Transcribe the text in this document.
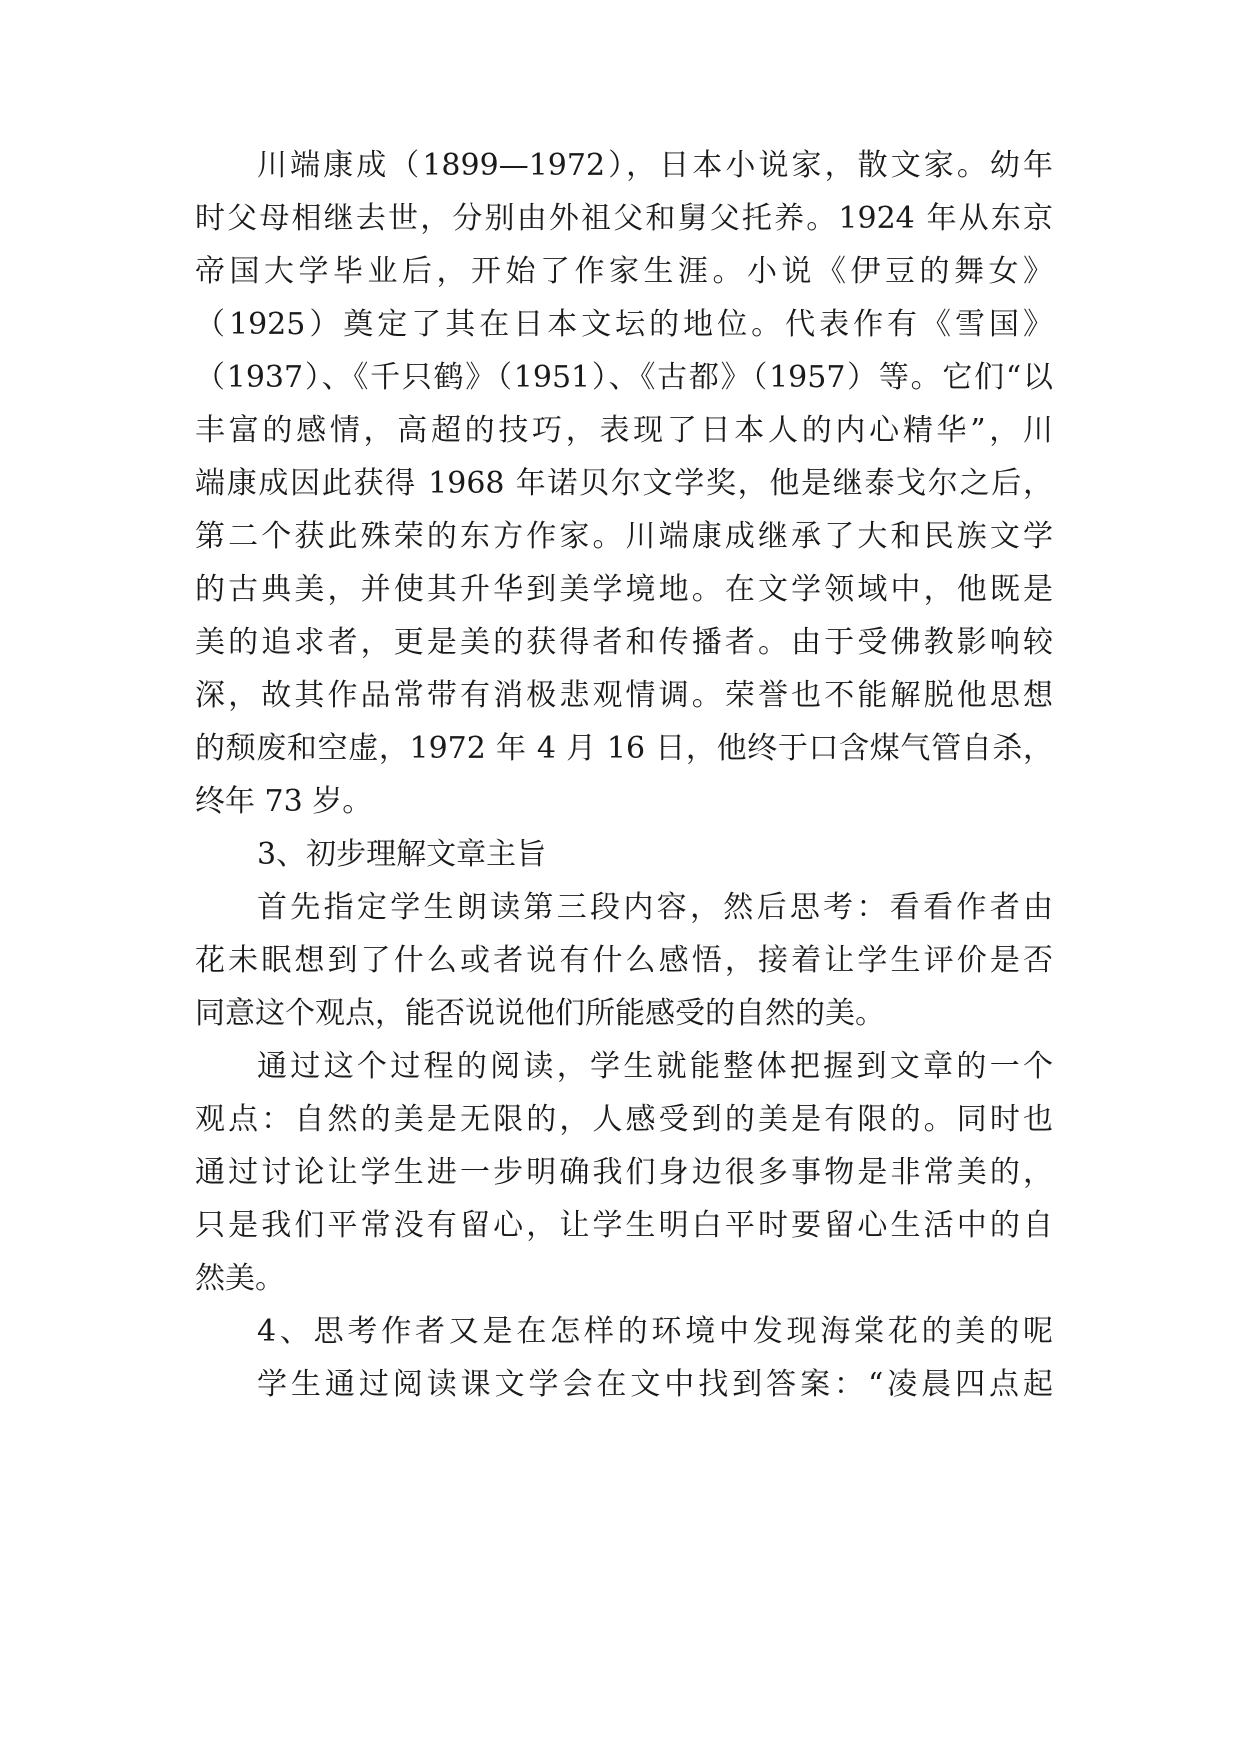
川端康成（1899—1972），日本小说家，散文家。幼年
时父母相继去世，分别由外祖父和舅父托养。1924 年从东京
帝国大学毕业后，开始了作家生涯。小说《伊豆的舞女》
（1925）奠定了其在日本文坛的地位。代表作有《雪国》
（1937）、《千只鹤》（1951）、《古都》（1957）等。它们“以
丰富的感情，高超的技巧，表现了日本人的内心精华”，川
端康成因此获得 1968 年诺贝尔文学奖，他是继泰戈尔之后，
第二个获此殊荣的东方作家。川端康成继承了大和民族文学
的古典美，并使其升华到美学境地。在文学领域中，他既是
美的追求者，更是美的获得者和传播者。由于受佛教影响较
深，故其作品常带有消极悲观情调。荣誉也不能解脱他思想
的颓废和空虚，1972 年 4 月 16 日，他终于口含煤气管自杀，
终年 73 岁。
3、初步理解文章主旨
首先指定学生朗读第三段内容，然后思考：看看作者由
花未眠想到了什么或者说有什么感悟，接着让学生评价是否
同意这个观点，能否说说他们所能感受的自然的美。
通过这个过程的阅读，学生就能整体把握到文章的一个
观点：自然的美是无限的，人感受到的美是有限的。同时也
通过讨论让学生进一步明确我们身边很多事物是非常美的，
只是我们平常没有留心，让学生明白平时要留心生活中的自
然美。
4、思考作者又是在怎样的环境中发现海棠花的美的呢
学生通过阅读课文学会在文中找到答案：“凌晨四点起
